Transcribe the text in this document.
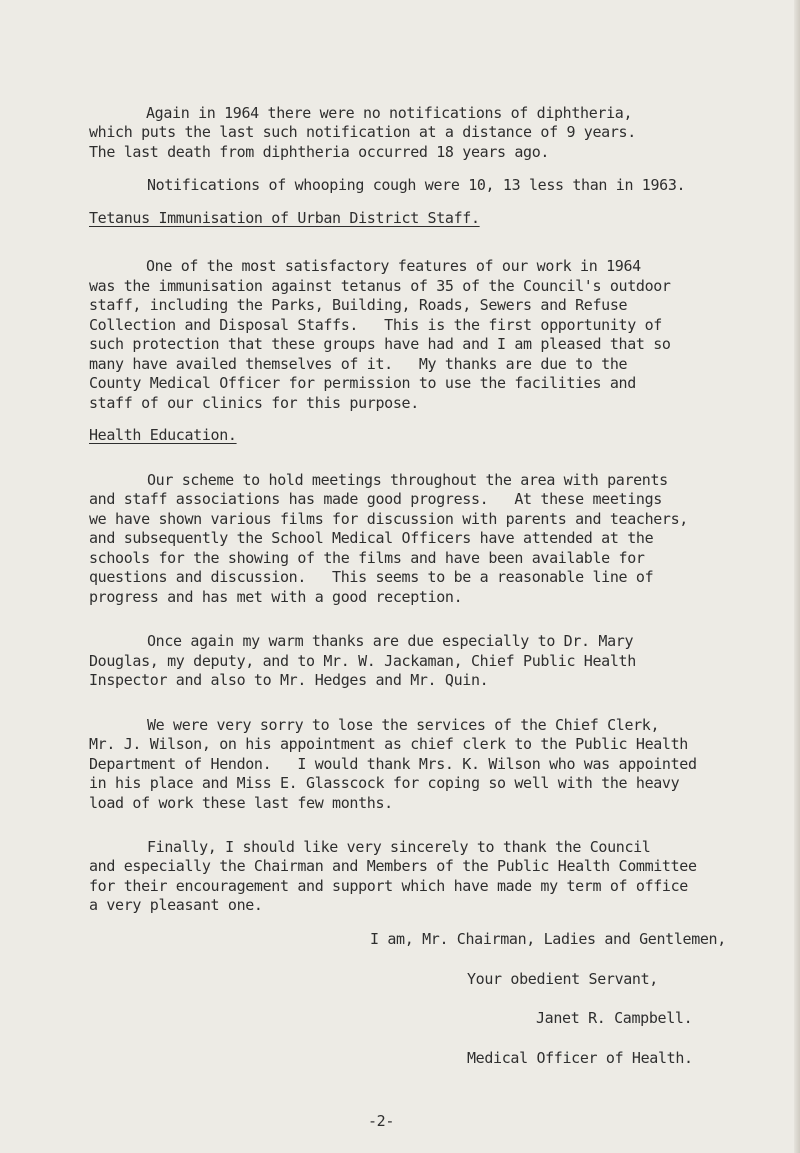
Again in 1964 there were no notifications of diphtheria,
which puts the last such notification at a distance of 9 years.
The last death from diphtheria occurred 18 years ago.
Notifications of whooping cough were 10, 13 less than in 1963.
Tetanus Immunisation of Urban District Staff.
One of the most satisfactory features of our work in 1964
was the immunisation against tetanus of 35 of the Council's outdoor
staff, including the Parks, Building, Roads, Sewers and Refuse
Collection and Disposal Staffs.   This is the first opportunity of
such protection that these groups have had and I am pleased that so
many have availed themselves of it.   My thanks are due to the
County Medical Officer for permission to use the facilities and
staff of our clinics for this purpose.
Health Education.
Our scheme to hold meetings throughout the area with parents
and staff associations has made good progress.   At these meetings
we have shown various films for discussion with parents and teachers,
and subsequently the School Medical Officers have attended at the
schools for the showing of the films and have been available for
questions and discussion.   This seems to be a reasonable line of
progress and has met with a good reception.
Once again my warm thanks are due especially to Dr. Mary
Douglas, my deputy, and to Mr. W. Jackaman, Chief Public Health
Inspector and also to Mr. Hedges and Mr. Quin.
We were very sorry to lose the services of the Chief Clerk,
Mr. J. Wilson, on his appointment as chief clerk to the Public Health
Department of Hendon.   I would thank Mrs. K. Wilson who was appointed
in his place and Miss E. Glasscock for coping so well with the heavy
load of work these last few months.
Finally, I should like very sincerely to thank the Council
and especially the Chairman and Members of the Public Health Committee
for their encouragement and support which have made my term of office
a very pleasant one.
I am, Mr. Chairman, Ladies and Gentlemen,
Your obedient Servant,
Janet R. Campbell.
Medical Officer of Health.
-2-
